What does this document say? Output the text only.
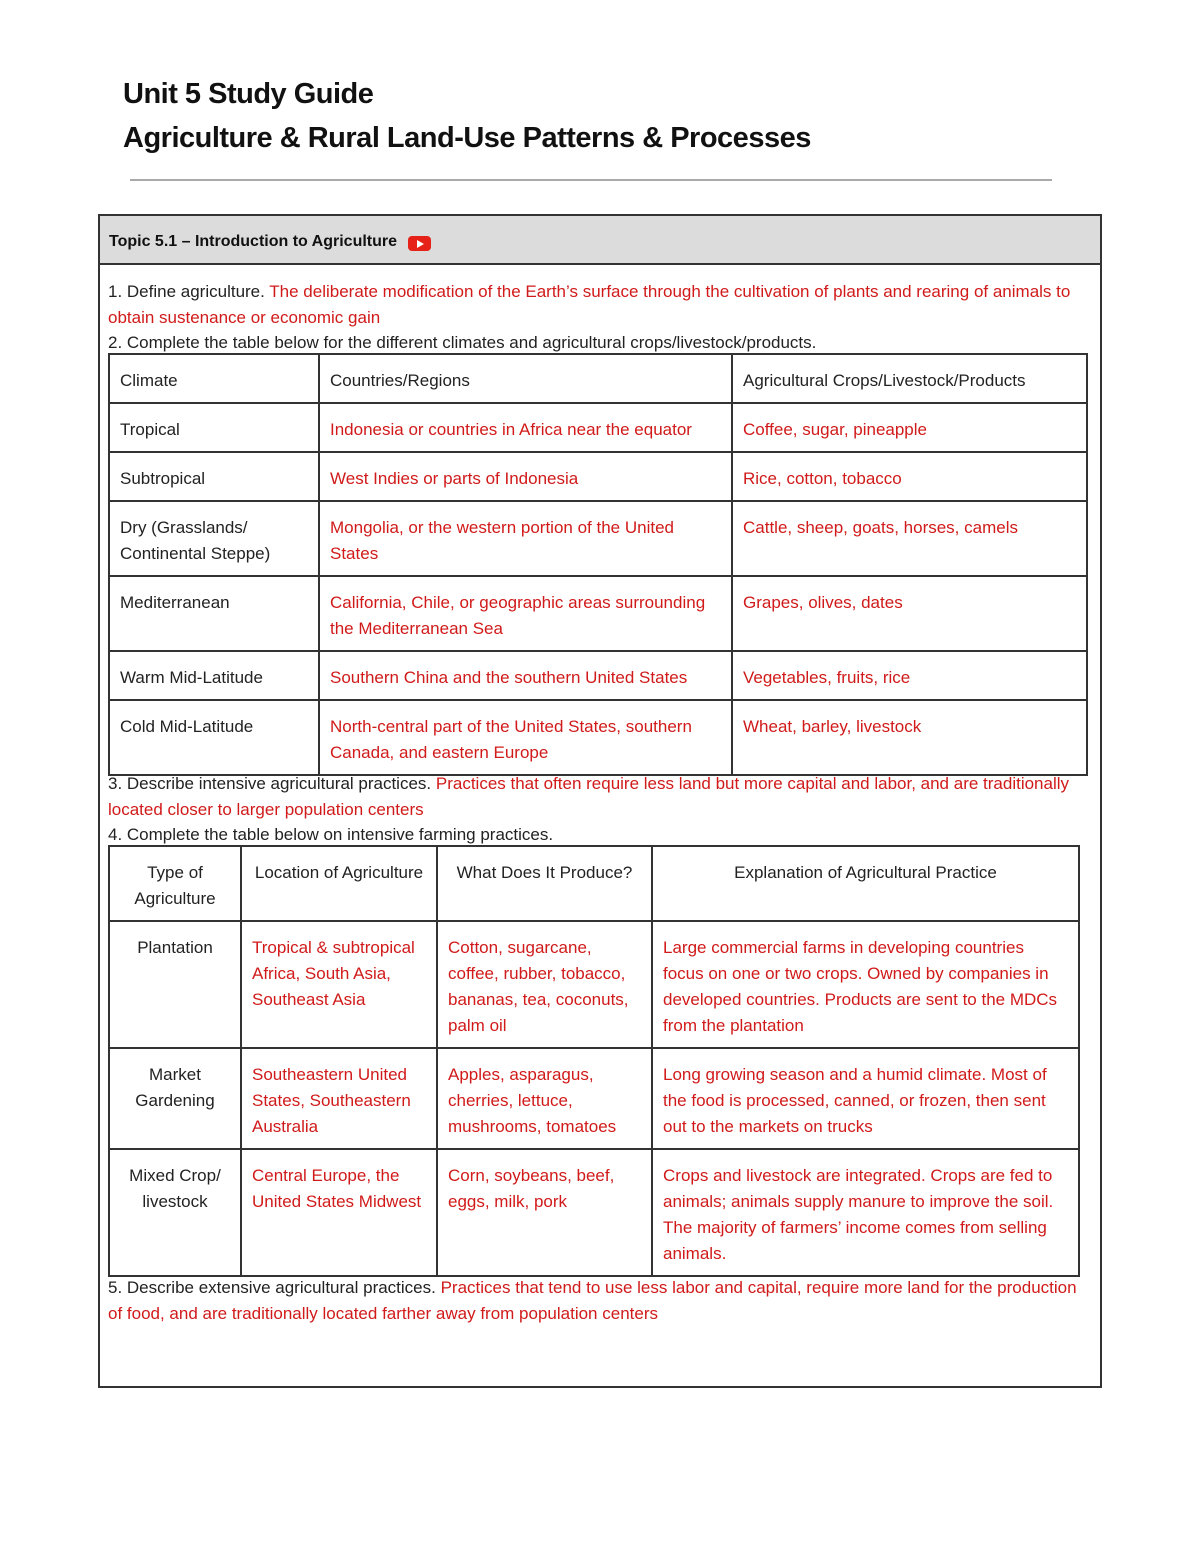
Unit 5 Study Guide
Agriculture & Rural Land-Use Patterns & Processes
Topic 5.1 – Introduction to Agriculture
1. Define agriculture. The deliberate modification of the Earth’s surface through the cultivation of plants and rearing of animals to obtain sustenance or economic gain
2. Complete the table below for the different climates and agricultural crops/livestock/products.
Climate	Countries/Regions	Agricultural Crops/Livestock/Products
Tropical	Indonesia or countries in Africa near the equator	Coffee, sugar, pineapple
Subtropical	West Indies or parts of Indonesia	Rice, cotton, tobacco
Dry (Grasslands/ Continental Steppe)	Mongolia, or the western portion of the United States	Cattle, sheep, goats, horses, camels
Mediterranean	California, Chile, or geographic areas surrounding the Mediterranean Sea	Grapes, olives, dates
Warm Mid-Latitude	Southern China and the southern United States	Vegetables, fruits, rice
Cold Mid-Latitude	North-central part of the United States, southern Canada, and eastern Europe	Wheat, barley, livestock
3. Describe intensive agricultural practices. Practices that often require less land but more capital and labor, and are traditionally located closer to larger population centers
4. Complete the table below on intensive farming practices.
Type of Agriculture	Location of Agriculture	What Does It Produce?	Explanation of Agricultural Practice
Plantation	Tropical & subtropical Africa, South Asia, Southeast Asia	Cotton, sugarcane, coffee, rubber, tobacco, bananas, tea, coconuts, palm oil	Large commercial farms in developing countries focus on one or two crops. Owned by companies in developed countries. Products are sent to the MDCs from the plantation
Market Gardening	Southeastern United States, Southeastern Australia	Apples, asparagus, cherries, lettuce, mushrooms, tomatoes	Long growing season and a humid climate. Most of the food is processed, canned, or frozen, then sent out to the markets on trucks
Mixed Crop/ livestock	Central Europe, the United States Midwest	Corn, soybeans, beef, eggs, milk, pork	Crops and livestock are integrated. Crops are fed to animals; animals supply manure to improve the soil. The majority of farmers’ income comes from selling animals.
5. Describe extensive agricultural practices. Practices that tend to use less labor and capital, require more land for the production of food, and are traditionally located farther away from population centers
